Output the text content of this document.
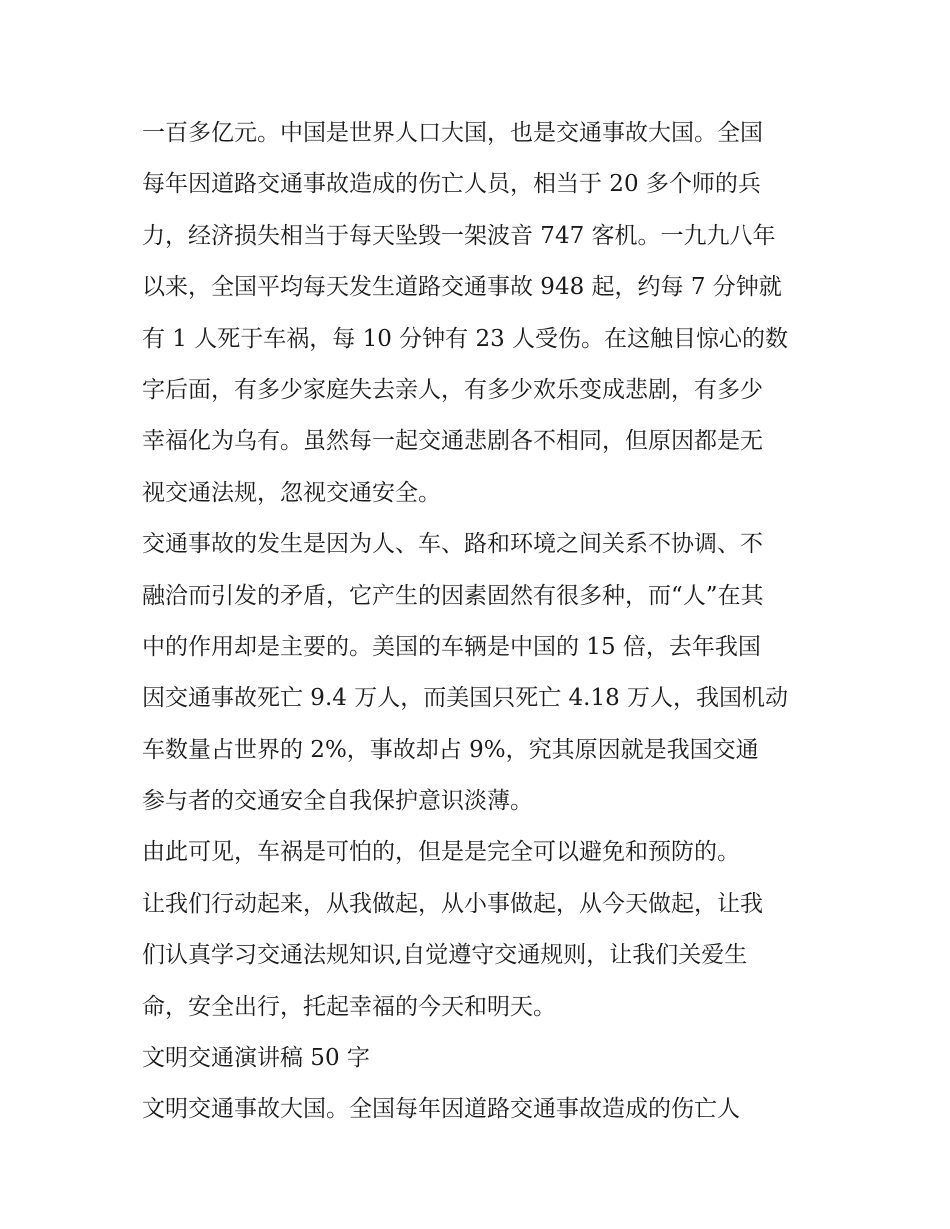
一百多亿元。中国是世界人口大国，也是交通事故大国。全国
每年因道路交通事故造成的伤亡人员，相当于 20 多个师的兵
力，经济损失相当于每天坠毁一架波音 747 客机。一九九八年
以来，全国平均每天发生道路交通事故 948 起，约每 7 分钟就
有 1 人死于车祸，每 10 分钟有 23 人受伤。在这触目惊心的数
字后面，有多少家庭失去亲人，有多少欢乐变成悲剧，有多少
幸福化为乌有。虽然每一起交通悲剧各不相同，但原因都是无
视交通法规，忽视交通安全。
交通事故的发生是因为人、车、路和环境之间关系不协调、不
融洽而引发的矛盾，它产生的因素固然有很多种，而“人”在其
中的作用却是主要的。美国的车辆是中国的 15 倍，去年我国
因交通事故死亡 9.4 万人，而美国只死亡 4.18 万人，我国机动
车数量占世界的 2%，事故却占 9%，究其原因就是我国交通
参与者的交通安全自我保护意识淡薄。
由此可见，车祸是可怕的，但是是完全可以避免和预防的。
让我们行动起来，从我做起，从小事做起，从今天做起，让我
们认真学习交通法规知识,自觉遵守交通规则，让我们关爱生
命，安全出行，托起幸福的今天和明天。
文明交通演讲稿 50 字
文明交通事故大国。全国每年因道路交通事故造成的伤亡人
